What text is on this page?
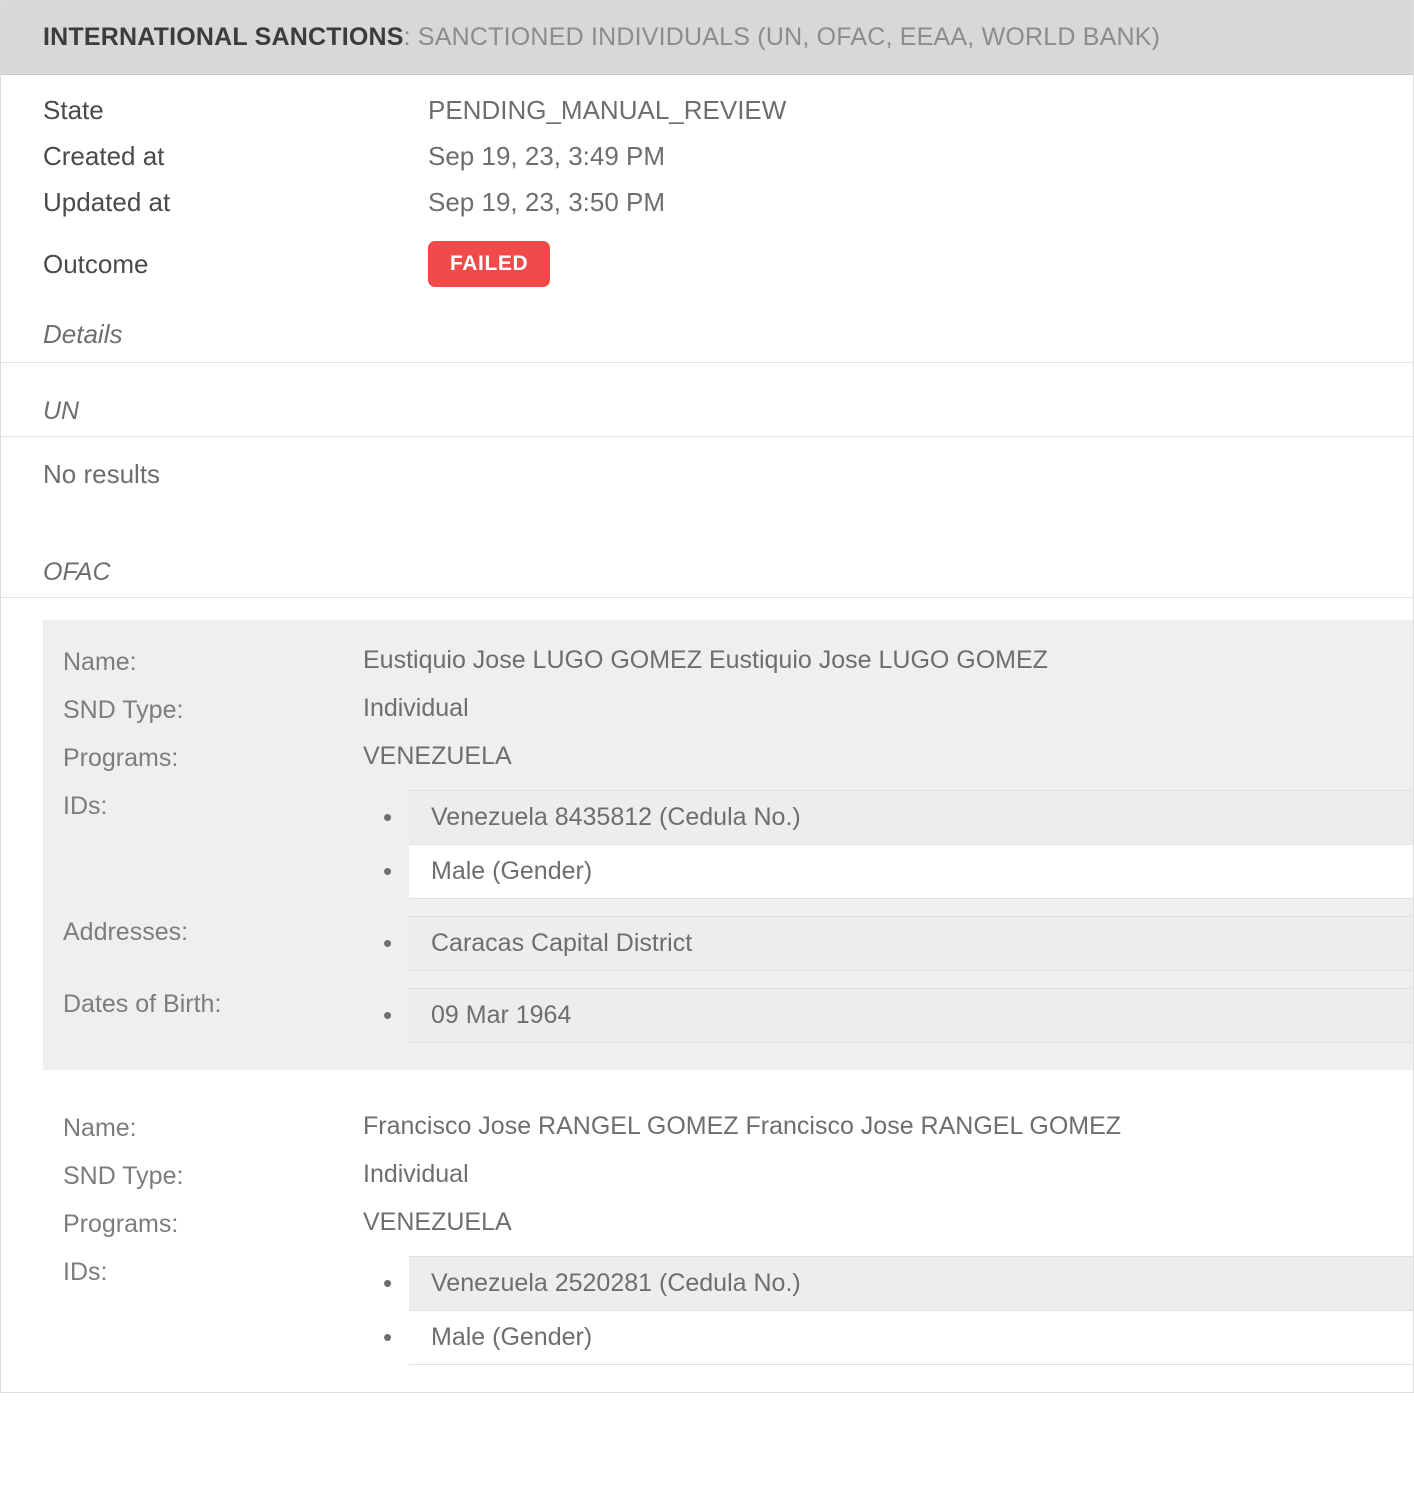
INTERNATIONAL SANCTIONS: SANCTIONED INDIVIDUALS (UN, OFAC, EEAA, WORLD BANK)
State	PENDING_MANUAL_REVIEW
Created at	Sep 19, 23, 3:49 PM
Updated at	Sep 19, 23, 3:50 PM
Outcome	FAILED
Details
UN
No results
OFAC
Name:	Eustiquio Jose LUGO GOMEZ Eustiquio Jose LUGO GOMEZ
SND Type:	Individual
Programs:	VENEZUELA
IDs:	• Venezuela 8435812 (Cedula No.)
• Male (Gender)
Addresses:	• Caracas Capital District
Dates of Birth:	• 09 Mar 1964
Name:	Francisco Jose RANGEL GOMEZ Francisco Jose RANGEL GOMEZ
SND Type:	Individual
Programs:	VENEZUELA
IDs:	• Venezuela 2520281 (Cedula No.)
• Male (Gender)
